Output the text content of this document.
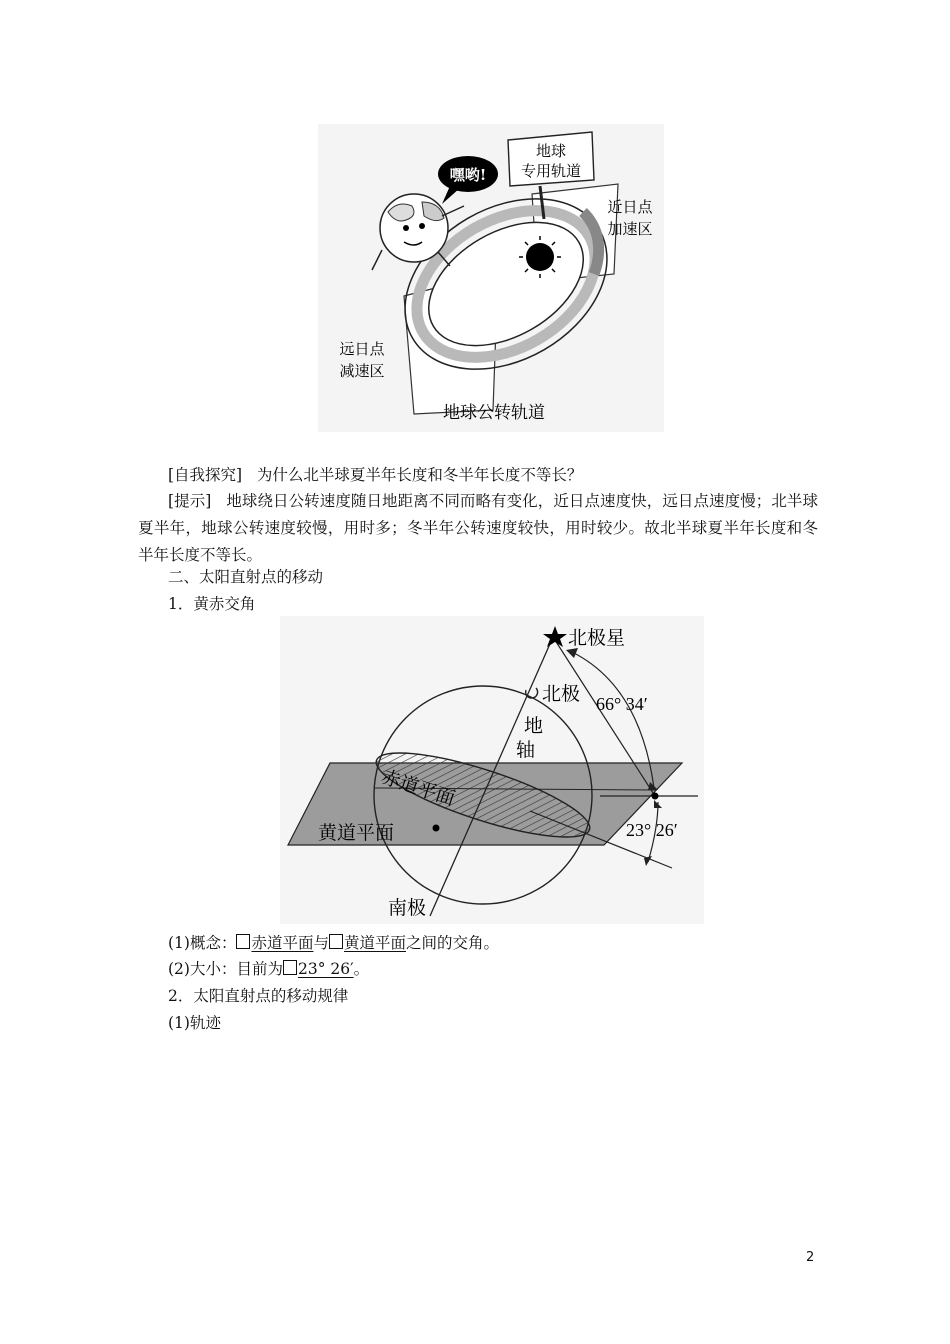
嘿哟!
地球
专用轨道
近日点
加速区
远日点
减速区
地球公转轨道
[自我探究] 为什么北半球夏半年长度和冬半年长度不等长？
[提示] 地球绕日公转速度随日地距离不同而略有变化，近日点速度快，远日点速度慢；北半球夏半年，地球公转速度较慢，用时多；冬半年公转速度较快，用时较少。故北半球夏半年长度和冬半年长度不等长。
二、太阳直射点的移动
1．黄赤交角
北极星
北极
地
轴
66° 34′
赤道平面
黄道平面	23° 26′
南极
(1)概念： 赤道平面与 黄道平面之间的交角。
(2)大小：目前为 23° 26′。
2．太阳直射点的移动规律
(1)轨迹
2
